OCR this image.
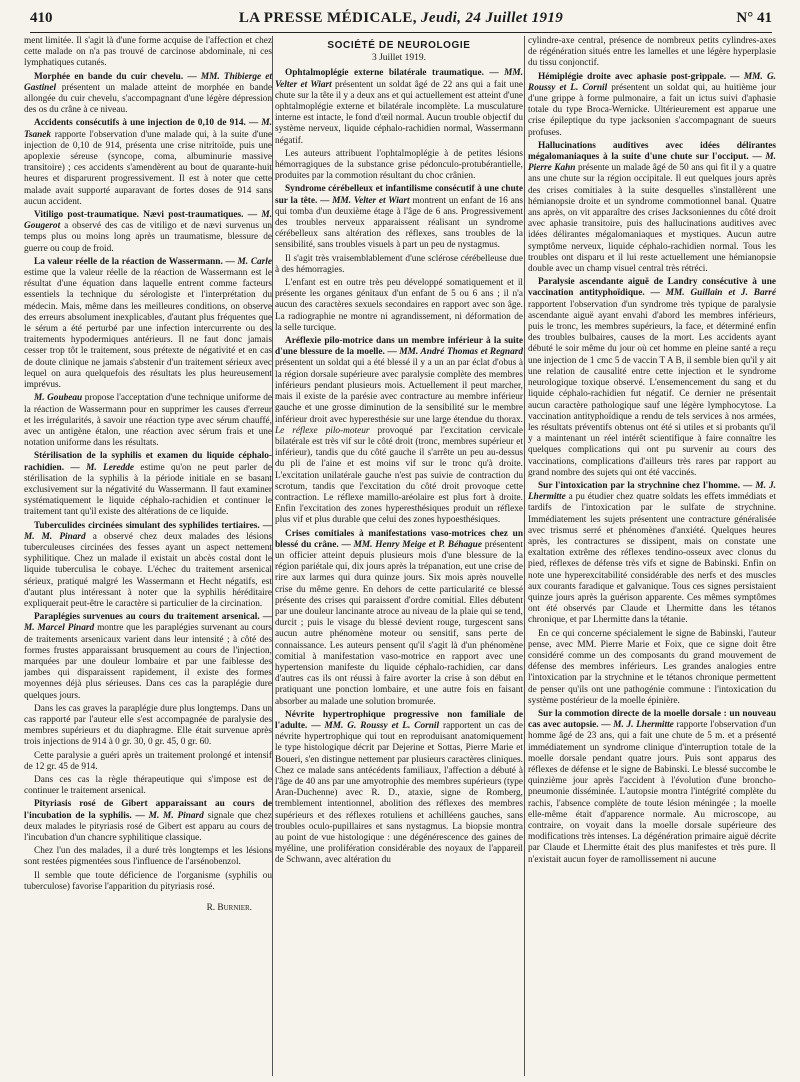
410	LA PRESSE MÉDICALE, Jeudi, 24 Juillet 1919	N° 41

ment limitée. Il s'agit là d'une forme acquise de l'affection et chez cette malade on n'a pas trouvé de carcinose abdominale, ni ces lymphatiques cutanés.

Morphée en bande du cuir chevelu. — MM. Thibierge et Gastinel présentent un malade atteint de morphée en bande allongée du cuir chevelu, s'accompagnant d'une légère dépression des os du crâne à ce niveau.

Accidents consécutifs à une injection de 0,10 de 914. — M. Tsanek rapporte l'observation d'une malade qui, à la suite d'une injection de 0,10 de 914, présenta une crise nitritoïde, puis une apoplexie séreuse (syncope, coma, albuminurie massive transitoire) ; ces accidents s'amendèrent au bout de quarante-huit heures et disparurent progressivement. Il est à noter que cette malade avait supporté auparavant de fortes doses de 914 sans aucun accident.

Vitiligo post-traumatique. Nævi post-traumatiques. — M. Gougerot a observé des cas de vitiligo et de nævi survenus un temps plus ou moins long après un traumatisme, blessure de guerre ou coup de froid.

La valeur réelle de la réaction de Wassermann. — M. Carle estime que la valeur réelle de la réaction de Wassermann est le résultat d'une équation dans laquelle entrent comme facteurs essentiels la technique du sérologiste et l'interprétation du médecin. Mais, même dans les meilleures conditions, on observe des erreurs absolument inexplicables, d'autant plus fréquentes que le sérum a été perturbé par une infection intercurrente ou des traitements hypodermiques antérieurs. Il ne faut donc jamais cesser trop tôt le traitement, sous prétexte de négativité et en cas de doute clinique ne jamais s'abstenir d'un traitement sérieux avec lequel on aura quelquefois des résultats les plus heureusement imprévus.

M. Goubeau propose l'acceptation d'une technique uniforme de la réaction de Wassermann pour en supprimer les causes d'erreur et les irrégularités, à savoir une réaction type avec sérum chauffé, avec un antigène étalon, une réaction avec sérum frais et une notation uniforme dans les résultats.

Stérilisation de la syphilis et examen du liquide céphalo-rachidien. — M. Leredde estime qu'on ne peut parler de stérilisation de la syphilis à la période initiale en se basant exclusivement sur la négativité du Wassermann. Il faut examiner systématiquement le liquide céphalo-rachidien et continuer le traitement tant qu'il existe des altérations de ce liquide.

Tuberculides circinées simulant des syphilides tertiaires. — M. M. Pinard a observé chez deux malades des lésions tuberculeuses circinées des fesses ayant un aspect nettement syphilitique. Chez un malade il existait un abcès costal dont le liquide tuberculisa le cobaye. L'échec du traitement arsenical sérieux, pratiqué malgré les Wassermann et Hecht négatifs, est d'autant plus intéressant à noter que la syphilis héréditaire expliquerait peut-être le caractère si particulier de la circination.

Paraplégies survenues au cours du traitement arsenical. — M. Marcel Pinard montre que les paraplégies survenant au cours de traitements arsenicaux varient dans leur intensité ; à côté des formes frustes apparaissant brusquement au cours de l'injection, marquées par une douleur lombaire et par une faiblesse des jambes qui disparaissent rapidement, il existe des formes moyennes déjà plus sérieuses. Dans ces cas la paraplégie dure quelques jours.

Dans les cas graves la paraplégie dure plus longtemps. Dans un cas rapporté par l'auteur elle s'est accompagnée de paralysie des membres supérieurs et du diaphragme. Elle était survenue après trois injections de 914 à 0 gr. 30, 0 gr. 45, 0 gr. 60.

Cette paralysie a guéri après un traitement prolongé et intensif de 12 gr. 45 de 914.

Dans ces cas la règle thérapeutique qui s'impose est de continuer le traitement arsenical.

Pityriasis rosé de Gibert apparaissant au cours de l'incubation de la syphilis. — M. M. Pinard signale que chez deux malades le pityriasis rosé de Gibert est apparu au cours de l'incubation d'un chancre syphilitique classique.

Chez l'un des malades, il a duré très longtemps et les lésions sont restées pigmentées sous l'influence de l'arsénobenzol.

Il semble que toute déficience de l'organisme (syphilis ou tuberculose) favorise l'apparition du pityriasis rosé.

R. Burnier.
SOCIÉTÉ DE NEUROLOGIE
3 Juillet 1919.

Ophtalmoplégie externe bilatérale traumatique. — MM. Velter et Wiart présentent un soldat âgé de 22 ans qui a fait une chute sur la tête il y a deux ans et qui actuellement est atteint d'une ophtalmoplégie externe et bilatérale incomplète. La musculature interne est intacte, le fond d'œil normal. Aucun trouble objectif du système nerveux, liquide céphalo-rachidien normal, Wassermann négatif.

Les auteurs attribuent l'ophtalmoplégie à de petites lésions hémorragiques de la substance grise pédonculo-protubérantielle, produites par la commotion résultant du choc crânien.

Syndrome cérébelleux et infantilisme consécutif à une chute sur la tête. — MM. Velter et Wiart montrent un enfant de 16 ans qui tomba d'un deuxième étage à l'âge de 6 ans. Progressivement des troubles nerveux apparaissent réalisant un syndrome cérébelleux sans altération des réflexes, sans troubles de la sensibilité, sans troubles visuels à part un peu de nystagmus.

Il s'agit très vraisemblablement d'une sclérose cérébelleuse due à des hémorragies.

L'enfant est en outre très peu développé somatiquement et il présente les organes génitaux d'un enfant de 5 ou 6 ans ; il n'a aucun des caractères sexuels secondaires en rapport avec son âge. La radiographie ne montre ni agrandissement, ni déformation de la selle turcique.

Aréflexie pilo-motrice dans un membre inférieur à la suite d'une blessure de la moelle. — MM. André Thomas et Regnard présentent un soldat qui a été blessé il y a un an par éclat d'obus à la région dorsale supérieure avec paralysie complète des membres inférieurs pendant plusieurs mois. Actuellement il peut marcher, mais il existe de la parésie avec contracture au membre inférieur gauche et une grosse diminution de la sensibilité sur le membre inférieur droit avec hyperesthésie sur une large étendue du thorax. Le réflexe pilo-moteur provoqué par l'excitation cervicale bilatérale est très vif sur le côté droit (tronc, membres supérieur et inférieur), tandis que du côté gauche il s'arrête un peu au-dessus du pli de l'aine et est moins vif sur le tronc qu'à droite. L'excitation unilatérale gauche n'est pas suivie de contraction du scrotum, tandis que l'excitation du côté droit provoque cette contraction. Le réflexe mamillo-aréolaire est plus fort à droite. Enfin l'excitation des zones hyperesthésiques produit un réflexe plus vif et plus durable que celui des zones hypoesthésiques.

Crises comitiales à manifestations vaso-motrices chez un blessé du crâne. — MM. Henry Meige et P. Béhague présentent un officier atteint depuis plusieurs mois d'une blessure de la région pariétale qui, dix jours après la trépanation, eut une crise de rire aux larmes qui dura quinze jours. Six mois après nouvelle crise du même genre. En dehors de cette particularité ce blessé présente des crises qui paraissent d'ordre comitial. Elles débutent par une douleur lancinante atroce au niveau de la plaie qui se tend, durcit ; puis le visage du blessé devient rouge, turgescent sans aucun autre phénomène moteur ou sensitif, sans perte de connaissance. Les auteurs pensent qu'il s'agit là d'un phénomène comitial à manifestation vaso-motrice en rapport avec une hypertension manifeste du liquide céphalo-rachidien, car dans d'autres cas ils ont réussi à faire avorter la crise à son début en pratiquant une ponction lombaire, et une autre fois en faisant absorber au malade une solution bromurée.

Névrite hypertrophique progressive non familiale de l'adulte. — MM. G. Roussy et L. Cornil rapportent un cas de névrite hypertrophique qui tout en reproduisant anatomiquement le type histologique décrit par Dejerine et Sottas, Pierre Marie et Boueri, s'en distingue nettement par plusieurs caractères cliniques. Chez ce malade sans antécédents familiaux, l'affection a débuté à l'âge de 40 ans par une amyotrophie des membres supérieurs (type Aran-Duchenne) avec R. D., ataxie, signe de Romberg, tremblement intentionnel, abolition des réflexes des membres supérieurs et des réflexes rotuliens et achilléens gauches, sans troubles oculo-pupillaires et sans nystagmus. La biopsie montra au point de vue histologique : une dégénérescence des gaines de myéline, une prolifération considérable des noyaux de l'appareil de Schwann, avec altération du

cylindre-axe central, présence de nombreux petits cylindres-axes de régénération situés entre les lamelles et une légère hyperplasie du tissu conjonctif.

Hémiplégie droite avec aphasie post-grippale. — MM. G. Roussy et L. Cornil présentent un soldat qui, au huitième jour d'une grippe à forme pulmonaire, a fait un ictus suivi d'aphasie totale du type Broca-Wernicke. Ultérieurement est apparue une crise épileptique du type jacksonien s'accompagnant de sueurs profuses.

Hallucinations auditives avec idées délirantes mégalomaniaques à la suite d'une chute sur l'occiput. — M. Pierre Kahn présente un malade âgé de 50 ans qui fit il y a quatre ans une chute sur la région occipitale. Il eut quelques jours après des crises comitiales à la suite desquelles s'installèrent une hémianopsie droite et un syndrome commotionnel banal. Quatre ans après, on vit apparaître des crises Jacksoniennes du côté droit avec aphasie transitoire, puis des hallucinations auditives avec idées délirantes mégalomaniaques et mystiques. Aucun autre symptôme nerveux, liquide céphalo-rachidien normal. Tous les troubles ont disparu et il lui reste actuellement une hémianopsie double avec un champ visuel central très rétréci.

Paralysie ascendante aiguë de Landry consécutive à une vaccination antityphoïdique. — MM. Guillain et J. Barré rapportent l'observation d'un syndrome très typique de paralysie ascendante aiguë ayant envahi d'abord les membres inférieurs, puis le tronc, les membres supérieurs, la face, et déterminé enfin des troubles bulbaires, causes de la mort. Les accidents ayant débuté le soir même du jour où cet homme en pleine santé a reçu une injection de 1 cmc 5 de vaccin T A B, il semble bien qu'il y ait une relation de causalité entre cette injection et le syndrome neurologique toxique observé. L'ensemencement du sang et du liquide céphalo-rachidien fut négatif. Ce dernier ne présentait aucun caractère pathologique sauf une légère lymphocytose. La vaccination antityphoïdique a rendu de tels services à nos armées, les résultats préventifs obtenus ont été si utiles et si probants qu'il y a maintenant un réel intérêt scientifique à faire connaître les quelques complications qui ont pu survenir au cours des vaccinations, complications d'ailleurs très rares par rapport au grand nombre des sujets qui ont été vaccinés.

Sur l'intoxication par la strychnine chez l'homme. — M. J. Lhermitte a pu étudier chez quatre soldats les effets immédiats et tardifs de l'intoxication par le sulfate de strychnine. Immédiatement les sujets présentent une contracture généralisée avec trismus serré et phénomènes d'anxiété. Quelques heures après, les contractures se dissipent, mais on constate une exaltation extrême des réflexes tendino-osseux avec clonus du pied, réflexes de défense très vifs et signe de Babinski. Enfin on note une hyperexcitabilité considérable des nerfs et des muscles aux courants faradique et galvanique. Tous ces signes persistaient quinze jours après la guérison apparente. Ces mêmes symptômes ont été observés par Claude et Lhermitte dans les tétanos chronique, et par Lhermitte dans la tétanie.

En ce qui concerne spécialement le signe de Babinski, l'auteur pense, avec MM. Pierre Marie et Foix, que ce signe doit être considéré comme un des composants du grand mouvement de défense des membres inférieurs. Les grandes analogies entre l'intoxication par la strychnine et le tétanos chronique permettent de penser qu'ils ont une pathogénie commune : l'intoxication du système postérieur de la moelle épinière.

Sur la commotion directe de la moelle dorsale : un nouveau cas avec autopsie. — M. J. Lhermitte rapporte l'observation d'un homme âgé de 23 ans, qui a fait une chute de 5 m. et a présenté immédiatement un syndrome clinique d'interruption totale de la moelle dorsale pendant quatre jours. Puis sont apparus des réflexes de défense et le signe de Babinski. Le blessé succombe le quinzième jour après l'accident à l'évolution d'une broncho-pneumonie disséminée. L'autopsie montra l'intégrité complète du rachis, l'absence complète de toute lésion méningée ; la moelle elle-même était d'apparence normale. Au microscope, au contraire, on voyait dans la moelle dorsale supérieure des modifications très intenses. La dégénération primaire aiguë décrite par Claude et Lhermitte était des plus manifestes et très pure. Il n'existait aucun foyer de ramollissement ni aucune
